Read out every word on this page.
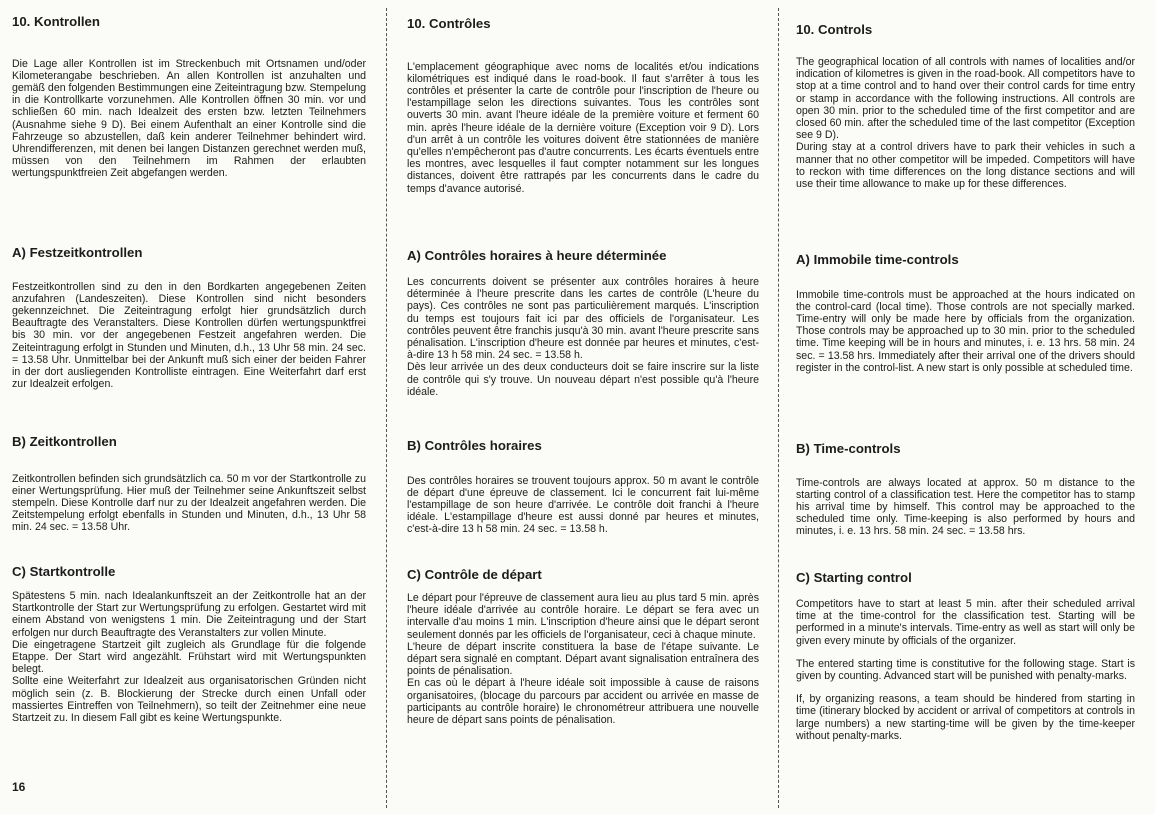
10. Kontrollen

Die Lage aller Kontrollen ist im Streckenbuch mit Ortsnamen und/oder Kilometerangabe beschrieben. An allen Kontrollen ist anzuhalten und gemäß den folgenden Bestimmungen eine Zeiteintragung bzw. Stempelung in die Kontrollkarte vorzunehmen. Alle Kontrollen öffnen 30 min. vor und schließen 60 min. nach Idealzeit des ersten bzw. letzten Teilnehmers (Ausnahme siehe 9 D). Bei einem Aufenthalt an einer Kontrolle sind die Fahrzeuge so abzustellen, daß kein anderer Teilnehmer behindert wird. Uhrendifferenzen, mit denen bei langen Distanzen gerechnet werden muß, müssen von den Teilnehmern im Rahmen der erlaubten wertungspunktfreien Zeit abgefangen werden.

A) Festzeitkontrollen

Festzeitkontrollen sind zu den in den Bordkarten angegebenen Zeiten anzufahren (Landeszeiten). Diese Kontrollen sind nicht besonders gekennzeichnet. Die Zeiteintragung erfolgt hier grundsätzlich durch Beauftragte des Veranstalters. Diese Kontrollen dürfen wertungspunktfrei bis 30 min. vor der angegebenen Festzeit angefahren werden. Die Zeiteintragung erfolgt in Stunden und Minuten, d.h., 13 Uhr 58 min. 24 sec. = 13.58 Uhr. Unmittelbar bei der Ankunft muß sich einer der beiden Fahrer in der dort ausliegenden Kontrolliste eintragen. Eine Weiterfahrt darf erst zur Idealzeit erfolgen.

B) Zeitkontrollen

Zeitkontrollen befinden sich grundsätzlich ca. 50 m vor der Startkontrolle zu einer Wertungsprüfung. Hier muß der Teilnehmer seine Ankunftszeit selbst stempeln. Diese Kontrolle darf nur zu der Idealzeit angefahren werden. Die Zeitstempelung erfolgt ebenfalls in Stunden und Minuten, d.h., 13 Uhr 58 min. 24 sec. = 13.58 Uhr.

C) Startkontrolle

Spätestens 5 min. nach Idealankunftszeit an der Zeitkontrolle hat an der Startkontrolle der Start zur Wertungsprüfung zu erfolgen. Gestartet wird mit einem Abstand von wenigstens 1 min. Die Zeiteintragung und der Start erfolgen nur durch Beauftragte des Veranstalters zur vollen Minute.

Die eingetragene Startzeit gilt zugleich als Grundlage für die folgende Etappe. Der Start wird angezählt. Frühstart wird mit Wertungspunkten belegt.

Sollte eine Weiterfahrt zur Idealzeit aus organisatorischen Gründen nicht möglich sein (z. B. Blockierung der Strecke durch einen Unfall oder massiertes Eintreffen von Teilnehmern), so teilt der Zeitnehmer eine neue Startzeit zu. In diesem Fall gibt es keine Wertungspunkte.

16
10. Contrôles

L'emplacement géographique avec noms de localités et/ou indications kilométriques est indiqué dans le road-book. Il faut s'arrêter à tous les contrôles et présenter la carte de contrôle pour l'inscription de l'heure ou l'estampillage selon les directions suivantes. Tous les contrôles sont ouverts 30 min. avant l'heure idéale de la première voiture et ferment 60 min. après l'heure idéale de la dernière voiture (Exception voir 9 D). Lors d'un arrêt à un contrôle les voitures doivent être stationnées de manière qu'elles n'empêcheront pas d'autre concurrents. Les écarts éventuels entre les montres, avec lesquelles il faut compter notamment sur les longues distances, doivent être rattrapés par les concurrents dans le cadre du temps d'avance autorisé.

A) Contrôles horaires à heure déterminée

Les concurrents doivent se présenter aux contrôles horaires à heure déterminée à l'heure prescrite dans les cartes de contrôle (L'heure du pays). Ces contrôles ne sont pas particulièrement marqués. L'inscription du temps est toujours fait ici par des officiels de l'organisateur. Les contrôles peuvent être franchis jusqu'à 30 min. avant l'heure prescrite sans pénalisation. L'inscription d'heure est donnée par heures et minutes, c'est-à-dire 13 h 58 min. 24 sec. = 13.58 h.

Dès leur arrivée un des deux conducteurs doit se faire inscrire sur la liste de contrôle qui s'y trouve. Un nouveau départ n'est possible qu'à l'heure idéale.

B) Contrôles horaires

Des contrôles horaires se trouvent toujours approx. 50 m avant le contrôle de départ d'une épreuve de classement. Ici le concurrent fait lui-même l'estampillage de son heure d'arrivée. Le contrôle doit franchi à l'heure idéale. L'estampillage d'heure est aussi donné par heures et minutes, c'est-à-dire 13 h 58 min. 24 sec. = 13.58 h.

C) Contrôle de départ

Le départ pour l'épreuve de classement aura lieu au plus tard 5 min. après l'heure idéale d'arrivée au contrôle horaire. Le départ se fera avec un intervalle d'au moins 1 min. L'inscription d'heure ainsi que le départ seront seulement donnés par les officiels de l'organisateur, ceci à chaque minute.

L'heure de départ inscrite constituera la base de l'étape suivante. Le départ sera signalé en comptant. Départ avant signalisation entraînera des points de pénalisation.

En cas où le départ à l'heure idéale soit impossible à cause de raisons organisatoires, (blocage du parcours par accident ou arrivée en masse de participants au contrôle horaire) le chronométreur attribuera une nouvelle heure de départ sans points de pénalisation.

10. Controls

The geographical location of all controls with names of localities and/or indication of kilometres is given in the road-book. All competitors have to stop at a time control and to hand over their control cards for time entry or stamp in accordance with the following instructions. All controls are open 30 min. prior to the scheduled time of the first competitor and are closed 60 min. after the scheduled time of the last competitor (Exception see 9 D).

During stay at a control drivers have to park their vehicles in such a manner that no other competitor will be impeded. Competitors will have to reckon with time differences on the long distance sections and will use their time allowance to make up for these differences.

A) Immobile time-controls

Immobile time-controls must be approached at the hours indicated on the control-card (local time). Those controls are not specially marked. Time-entry will only be made here by officials from the organization. Those controls may be approached up to 30 min. prior to the scheduled time. Time keeping will be in hours and minutes, i. e. 13 hrs. 58 min. 24 sec. = 13.58 hrs. Immediately after their arrival one of the drivers should register in the control-list. A new start is only possible at scheduled time.

B) Time-controls

Time-controls are always located at approx. 50 m distance to the starting control of a classification test. Here the competitor has to stamp his arrival time by himself. This control may be approached to the scheduled time only. Time-keeping is also performed by hours and minutes, i. e. 13 hrs. 58 min. 24 sec. = 13.58 hrs.

C) Starting control

Competitors have to start at least 5 min. after their scheduled arrival time at the time-control for the classification test. Starting will be performed in a minute's intervals. Time-entry as well as start will only be given every minute by officials of the organizer.

The entered starting time is constitutive for the following stage. Start is given by counting. Advanced start will be punished with penalty-marks.

If, by organizing reasons, a team should be hindered from starting in time (itinerary blocked by accident or arrival of competitors at controls in large numbers) a new starting-time will be given by the time-keeper without penalty-marks.
